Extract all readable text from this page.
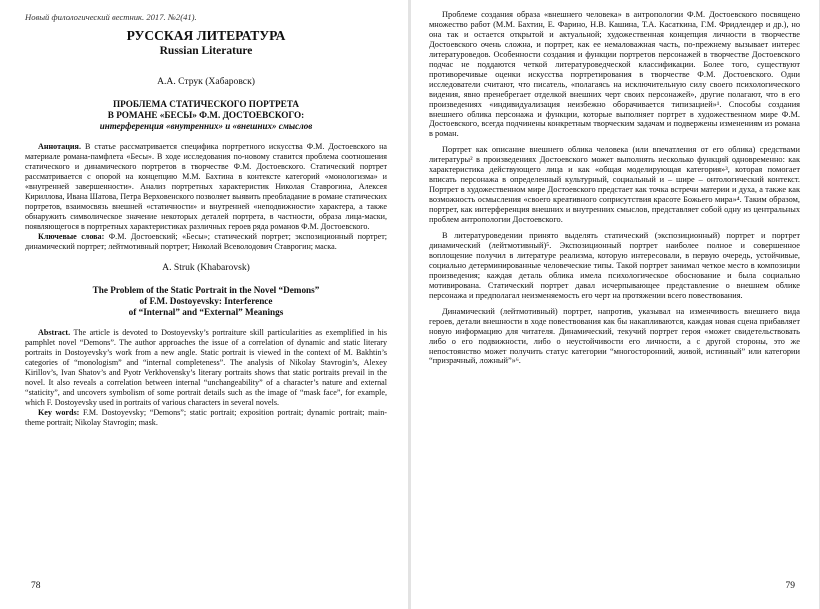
Новый филологический вестник. 2017. №2(41).
РУССКАЯ ЛИТЕРАТУРА
Russian Literature
А.А. Струк (Хабаровск)
ПРОБЛЕМА СТАТИЧЕСКОГО ПОРТРЕТА
В РОМАНЕ «БЕСЫ» Ф.М. ДОСТОЕВСКОГО:
интерференция «внутренних» и «внешних» смыслов

Аннотация. В статье рассматривается специфика портретного искусства Ф.М. Достоевского на материале романа-памфлета «Бесы». В ходе исследования по-новому ставится проблема соотношения статического и динамического портретов в творчестве Ф.М. Достоевского. Статический портрет рассматривается с опорой на концепцию М.М. Бахтина в контексте категорий «монологизма» и «внутренней завершенности». Анализ портретных характеристик Николая Ставрогина, Алексея Кириллова, Ивана Шатова, Петра Верховенского позволяет выявить преобладание в романе статических портретов, взаимосвязь внешней «статичности» и внутренней «неподвижности» характера, а также обнаружить символическое значение некоторых деталей портрета, в частности, образа лица-маски, появляющегося в портретных характеристиках различных героев ряда романов Ф.М. Достоевского.

Ключевые слова: Ф.М. Достоевский; «Бесы»; статический портрет; экспозиционный портрет; динамический портрет; лейтмотивный портрет; Николай Всеволодович Ставрогин; маска.

A. Struk (Khabarovsk)
The Problem of the Static Portrait in the Novel “Demons”
of F.M. Dostoyevsky: Interference
of “Internal” and “External” Meanings

Abstract. The article is devoted to Dostoyevsky’s portraiture skill particularities as exemplified in his pamphlet novel “Demons”. The author approaches the issue of a correlation of dynamic and static literary portraits in Dostoyevsky’s work from a new angle. Static portrait is viewed in the context of M. Bakhtin’s categories of “monologism” and “internal completeness”. The analysis of Nikolay Stavrogin’s, Alexey Kirillov’s, Ivan Shatov’s and Pyotr Verkhovensky’s literary portraits shows that static portraits prevail in the novel. It also reveals a correlation between internal “unchangeability” of a character’s nature and external “staticity”, and uncovers symbolism of some portrait details such as the image of “mask face”, for example, which F. Dostoyevsky used in portraits of various characters in several novels.

Key words: F.M. Dostoyevsky; “Demons”; static portrait; exposition portrait; dynamic portrait; main-theme portrait; Nikolay Stavrogin; mask.

78

Проблеме создания образа «внешнего человека» в антропологии Ф.М. Достоевского посвящено множество работ (М.М. Бахтин, Е. Фарино, Н.В. Кашина, Т.А. Касаткина, Г.М. Фридлендер и др.), но она так и остается открытой и актуальной; художественная концепция личности в творчестве Достоевского очень сложна, и портрет, как ее немаловажная часть, по-прежнему вызывает интерес литературоведов. Особенности создания и функции портретов персонажей в творчестве Достоевского подчас не поддаются четкой литературоведческой классификации. Более того, существуют противоречивые оценки искусства портретирования в творчестве Ф.М. Достоевского. Одни исследователи считают, что писатель, «полагаясь на исключительную силу своего психологического видения, явно пренебрегает отделкой внешних черт своих персонажей», другие полагают, что в его произведениях «индивидуализация неизбежно оборачивается типизацией»¹. Способы создания внешнего облика персонажа и функции, которые выполняет портрет в художественном мире Ф.М. Достоевского, всегда подчинены конкретным творческим задачам и подвержены изменениям из романа в роман.

Портрет как описание внешнего облика человека (или впечатления от его облика) средствами литературы² в произведениях Достоевского может выполнять несколько функций одновременно: как характеристика действующего лица и как «общая моделирующая категория»³, которая помогает вписать персонажа в определенный культурный, социальный и – шире – онтологический контекст. Портрет в художественном мире Достоевского предстает как точка встречи материи и духа, а также как возможность осмысления «своего креативного соприсутствия красоте Божьего мира»⁴. Таким образом, портрет, как интерференция внешних и внутренних смыслов, представляет собой одну из центральных проблем антропологии Достоевского.

В литературоведении принято выделять статический (экспозиционный) портрет и портрет динамический (лейтмотивный)⁵. Экспозиционный портрет наиболее полное и совершенное воплощение получил в литературе реализма, которую интересовали, в первую очередь, устойчивые, социально детерминированные человеческие типы. Такой портрет занимал четкое место в композиции произведения; каждая деталь облика имела психологическое обоснование и была социально мотивирована. Статический портрет давал исчерпывающее представление о внешнем облике персонажа и предполагал неизменяемость его черт на протяжении всего повествования.

Динамический (лейтмотивный) портрет, напротив, указывал на изменчивость внешнего вида героев, детали внешности в ходе повествования как бы накапливаются, каждая новая сцена прибавляет новую информацию для читателя. Динамический, текучий портрет героя «может свидетельствовать либо о его подвижности, либо о неустойчивости его личности, а с другой стороны, это же непостоянство может получить статус категории “многосторонний, живой, истинный” или категории “призрачный, ложный”»⁶.

79
